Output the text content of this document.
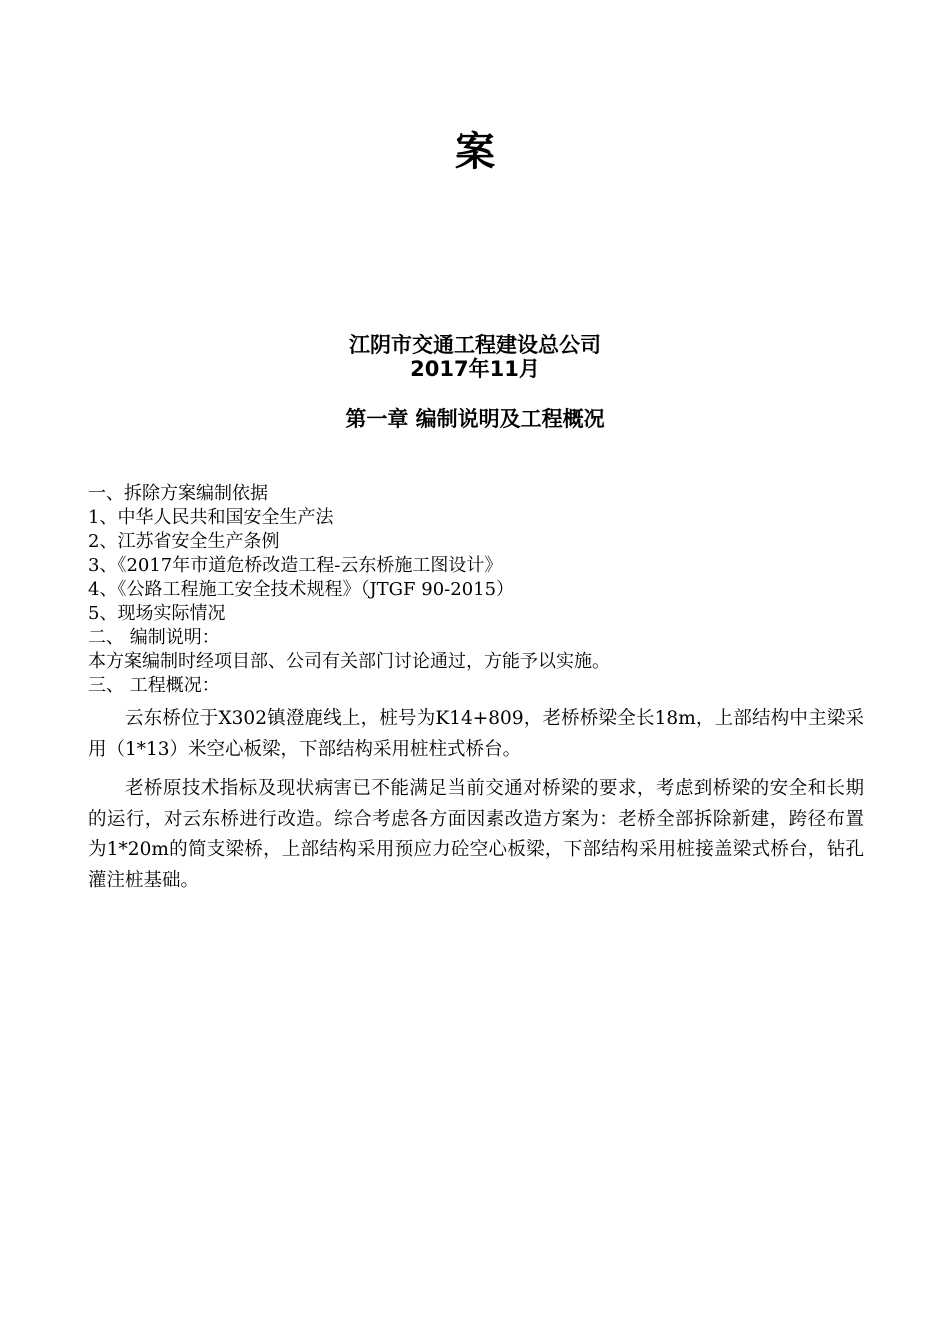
案
江阴市交通工程建设总公司
2017年11月
第一章 编制说明及工程概况
一、拆除方案编制依据
1、中华人民共和国安全生产法
2、江苏省安全生产条例
3、《2017年市道危桥改造工程-云东桥施工图设计》
4、《公路工程施工安全技术规程》（JTGF 90-2015）
5、现场实际情况
二、 编制说明：
本方案编制时经项目部、公司有关部门讨论通过，方能予以实施。
三、 工程概况：

云东桥位于X302镇澄鹿线上，桩号为K14+809，老桥桥梁全长18m，上部结构中主梁采用（1*13）米空心板梁，下部结构采用桩柱式桥台。

老桥原技术指标及现状病害已不能满足当前交通对桥梁的要求，考虑到桥梁的安全和长期的运行，对云东桥进行改造。综合考虑各方面因素改造方案为：老桥全部拆除新建，跨径布置为1*20m的简支梁桥，上部结构采用预应力砼空心板梁，下部结构采用桩接盖梁式桥台，钻孔灌注桩基础。
